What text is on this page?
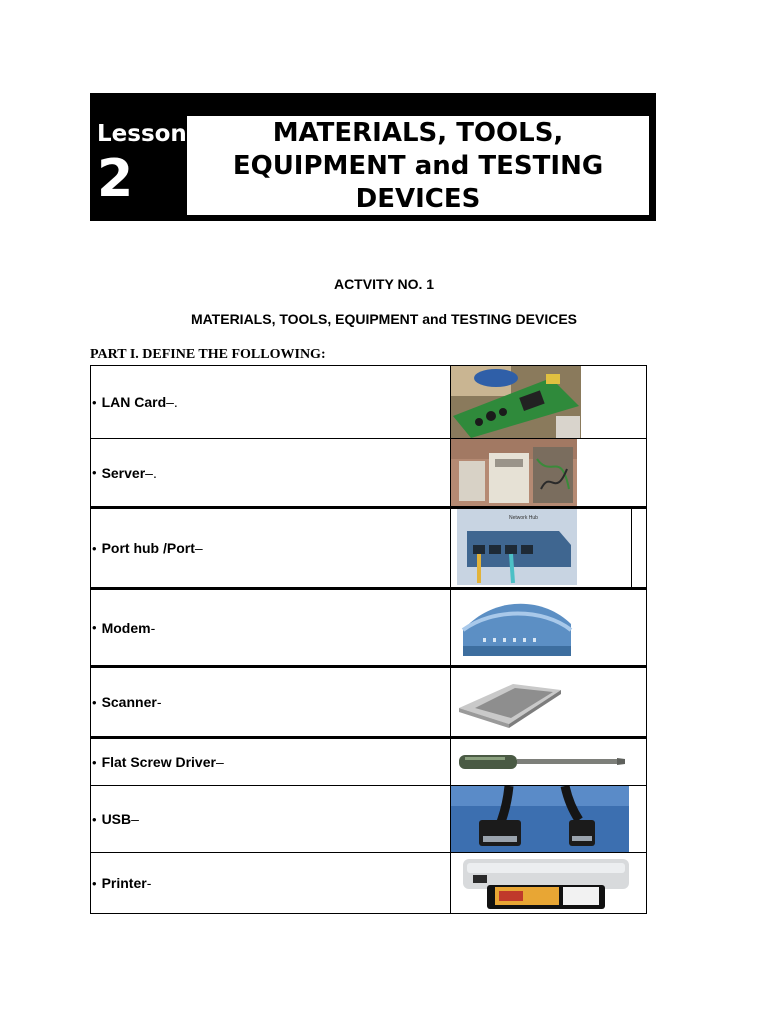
Lesson
2
MATERIALS, TOOLS,
EQUIPMENT and TESTING
DEVICES
ACTVITY NO. 1
MATERIALS, TOOLS, EQUIPMENT and TESTING DEVICES
PART I. DEFINE THE FOLLOWING:
• LAN Card –.
• Server –.
• Port hub /Port –
Network Hub
• Modem -
• Scanner -
• Flat Screw Driver –
• USB –
• Printer -
